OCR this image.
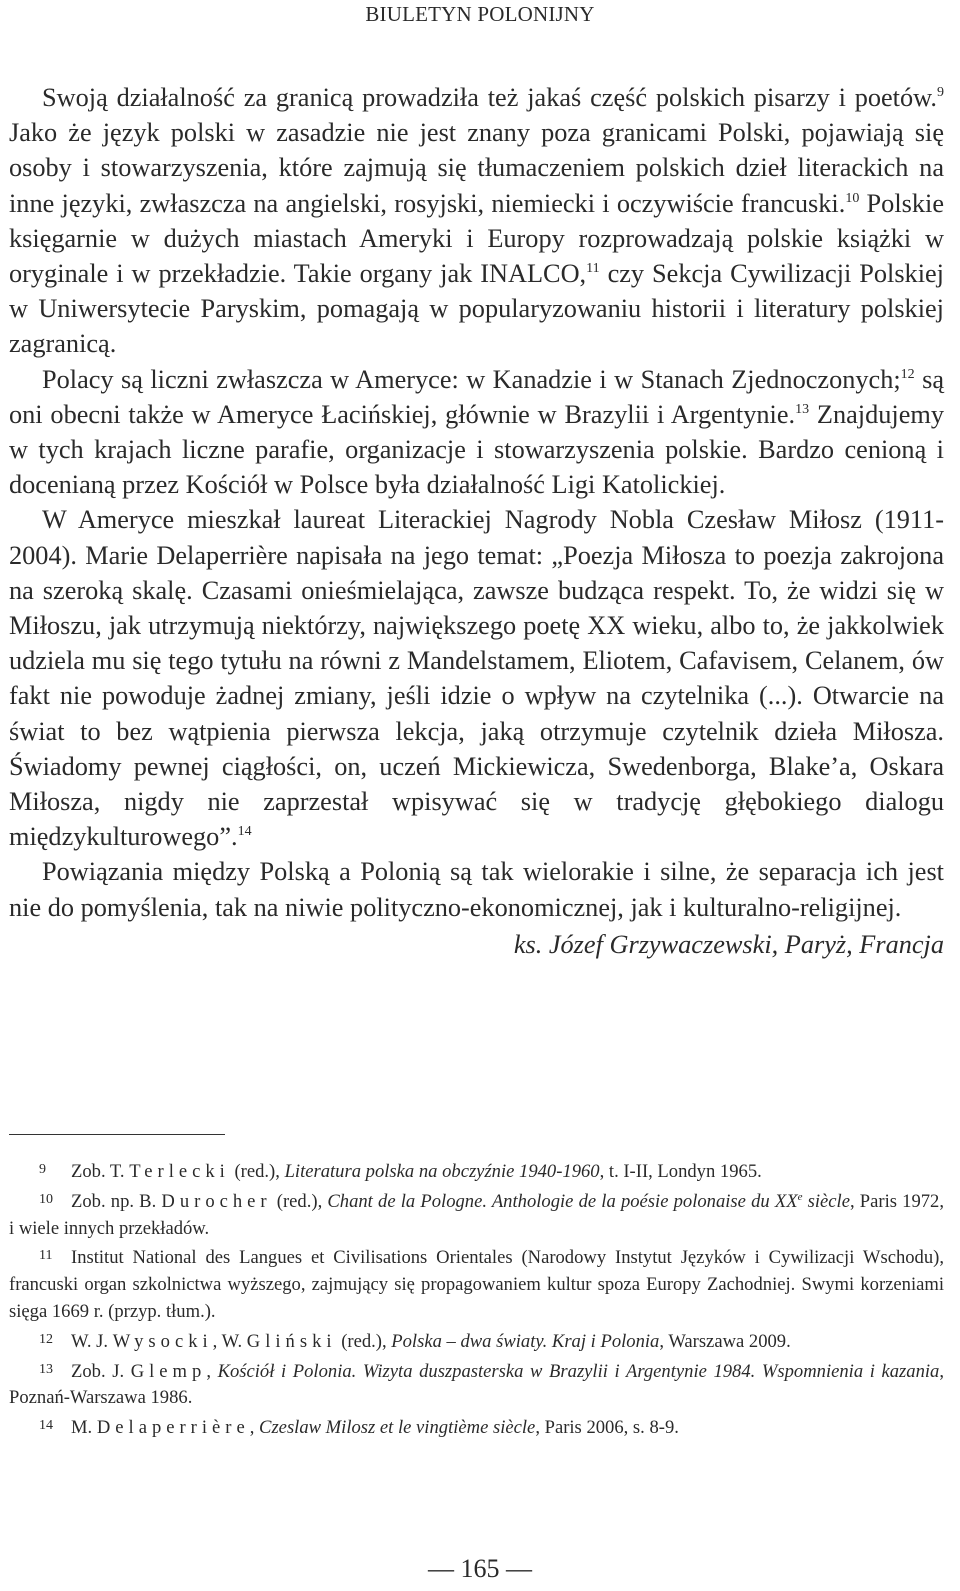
BIULETYN POLONIJNY

Swoją działalność za granicą prowadziła też jakaś część polskich pisarzy i poetów.$^9$ Jako że język polski w zasadzie nie jest znany poza granicami Polski, pojawiają się osoby i stowarzyszenia, które zajmują się tłumaczeniem polskich dzieł literackich na inne języki, zwłaszcza na angielski, rosyjski, niemiecki i oczywiście francuski.$^{10}$ Polskie księgarnie w dużych miastach Ameryki i Europy rozprowadzają polskie książki w oryginale i w przekładzie. Takie organy jak INALCO,$^{11}$ czy Sekcja Cywilizacji Polskiej w Uniwersytecie Paryskim, pomagają w popularyzowaniu historii i literatury polskiej zagranicą.

Polacy są liczni zwłaszcza w Ameryce: w Kanadzie i w Stanach Zjednoczonych;$^{12}$ są oni obecni także w Ameryce Łacińskiej, głównie w Brazylii i Argentynie.$^{13}$ Znajdujemy w tych krajach liczne parafie, organizacje i stowarzyszenia polskie. Bardzo cenioną i docenianą przez Kościół w Polsce była działalność Ligi Katolickiej.

W Ameryce mieszkał laureat Literackiej Nagrody Nobla Czesław Miłosz (1911-2004). Marie Delaperrière napisała na jego temat: „Poezja Miłosza to poezja zakrojona na szeroką skalę. Czasami onieśmielająca, zawsze budząca respekt. To, że widzi się w Miłoszu, jak utrzymują niektórzy, największego poetę XX wieku, albo to, że jakkolwiek udziela mu się tego tytułu na równi z Mandelstamem, Eliotem, Cafavisem, Celanem, ów fakt nie powoduje żadnej zmiany, jeśli idzie o wpływ na czytelnika (...). Otwarcie na świat to bez wątpienia pierwsza lekcja, jaką otrzymuje czytelnik dzieła Miłosza. Świadomy pewnej ciągłości, on, uczeń Mickiewicza, Swedenborga, Blake’a, Oskara Miłosza, nigdy nie zaprzestał wpisywać się w tradycję głębokiego dialogu międzykulturowego”.$^{14}$

Powiązania między Polską a Polonią są tak wielorakie i silne, że separacja ich jest nie do pomyślenia, tak na niwie polityczno-ekonomicznej, jak i kulturalno-religijnej.

ks. Józef Grzywaczewski, Paryż, Francja

9 Zob. T. Terlecki (red.), Literatura polska na obczyźnie 1940-1960, t. I-II, Londyn 1965.

10 Zob. np. B. Durocher (red.), Chant de la Pologne. Anthologie de la poésie polonaise du XXe siècle, Paris 1972, i wiele innych przekładów.

11 Institut National des Langues et Civilisations Orientales (Narodowy Instytut Języków i Cywilizacji Wschodu), francuski organ szkolnictwa wyższego, zajmujący się propagowaniem kultur spoza Europy Zachodniej. Swymi korzeniami sięga 1669 r. (przyp. tłum.).

12 W. J. Wysocki, W. Gliński (red.), Polska – dwa światy. Kraj i Polonia, Warszawa 2009.

13 Zob. J. Glemp, Kościół i Polonia. Wizyta duszpasterska w Brazylii i Argentynie 1984. Wspomnienia i kazania, Poznań-Warszawa 1986.

14 M. Delaperrière, Czeslaw Milosz et le vingtième siècle, Paris 2006, s. 8-9.

— 165 —
